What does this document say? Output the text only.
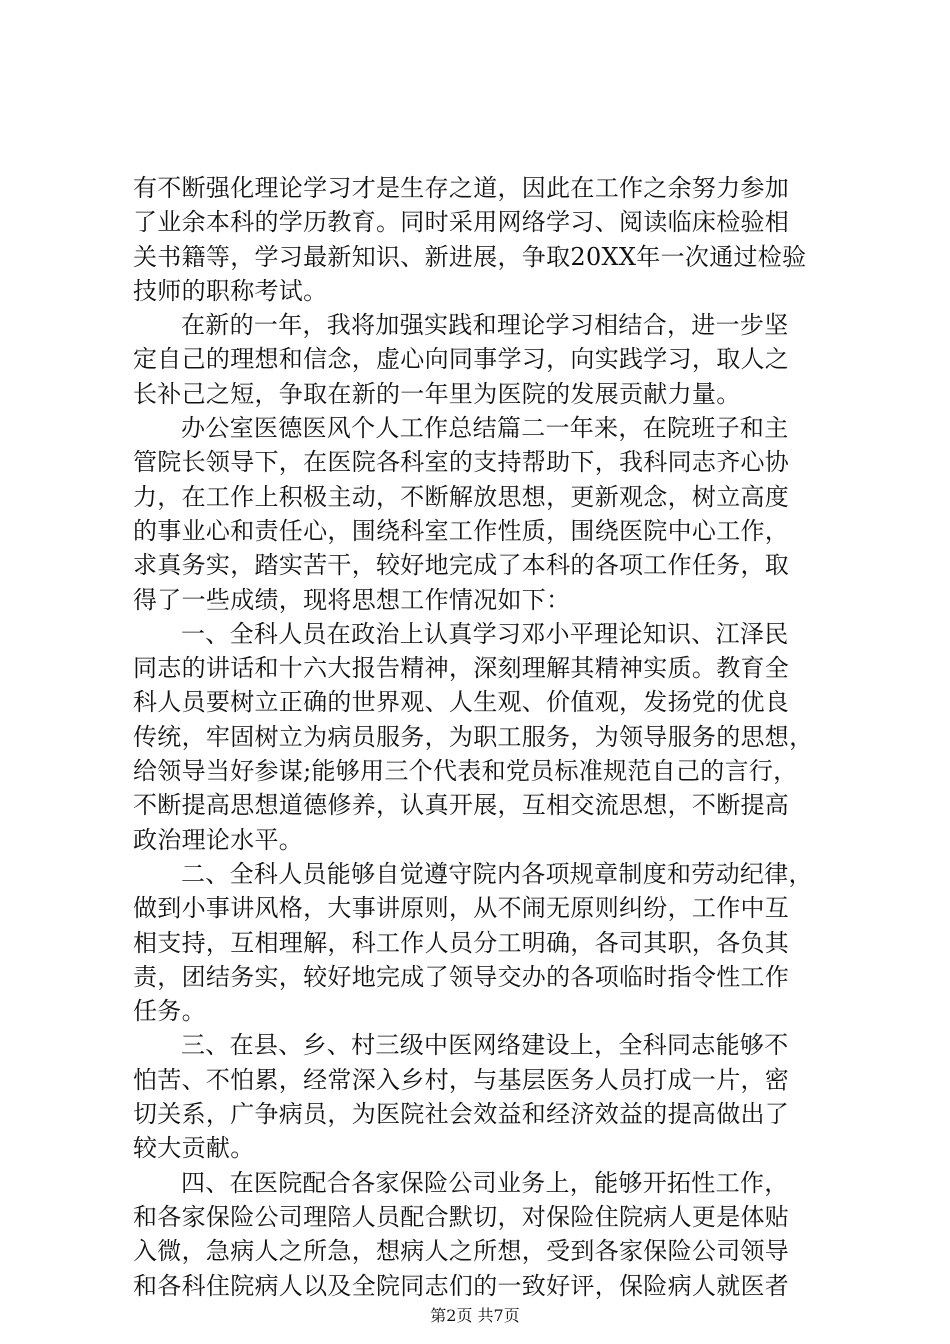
有不断强化理论学习才是生存之道，因此在工作之余努力参加
了业余本科的学历教育。同时采用网络学习、阅读临床检验相
关书籍等，学习最新知识、新进展，争取20XX年一次通过检验
技师的职称考试。
在新的一年，我将加强实践和理论学习相结合，进一步坚
定自己的理想和信念，虚心向同事学习，向实践学习，取人之
长补己之短，争取在新的一年里为医院的发展贡献力量。
办公室医德医风个人工作总结篇二一年来，在院班子和主
管院长领导下，在医院各科室的支持帮助下，我科同志齐心协
力，在工作上积极主动，不断解放思想，更新观念，树立高度
的事业心和责任心，围绕科室工作性质，围绕医院中心工作，
求真务实，踏实苦干，较好地完成了本科的各项工作任务，取
得了一些成绩，现将思想工作情况如下：
一、全科人员在政治上认真学习邓小平理论知识、江泽民
同志的讲话和十六大报告精神，深刻理解其精神实质。教育全
科人员要树立正确的世界观、人生观、价值观，发扬党的优良
传统，牢固树立为病员服务，为职工服务，为领导服务的思想，
给领导当好参谋;能够用三个代表和党员标准规范自己的言行，
不断提高思想道德修养，认真开展，互相交流思想，不断提高
政治理论水平。
二、全科人员能够自觉遵守院内各项规章制度和劳动纪律，
做到小事讲风格，大事讲原则，从不闹无原则纠纷，工作中互
相支持，互相理解，科工作人员分工明确，各司其职，各负其
责，团结务实，较好地完成了领导交办的各项临时指令性工作
任务。
三、在县、乡、村三级中医网络建设上，全科同志能够不
怕苦、不怕累，经常深入乡村，与基层医务人员打成一片，密
切关系，广争病员，为医院社会效益和经济效益的提高做出了
较大贡献。
四、在医院配合各家保险公司业务上，能够开拓性工作，
和各家保险公司理陪人员配合默切，对保险住院病人更是体贴
入微，急病人之所急，想病人之所想，受到各家保险公司领导
和各科住院病人以及全院同志们的一致好评，保险病人就医者
第2页 共7页
